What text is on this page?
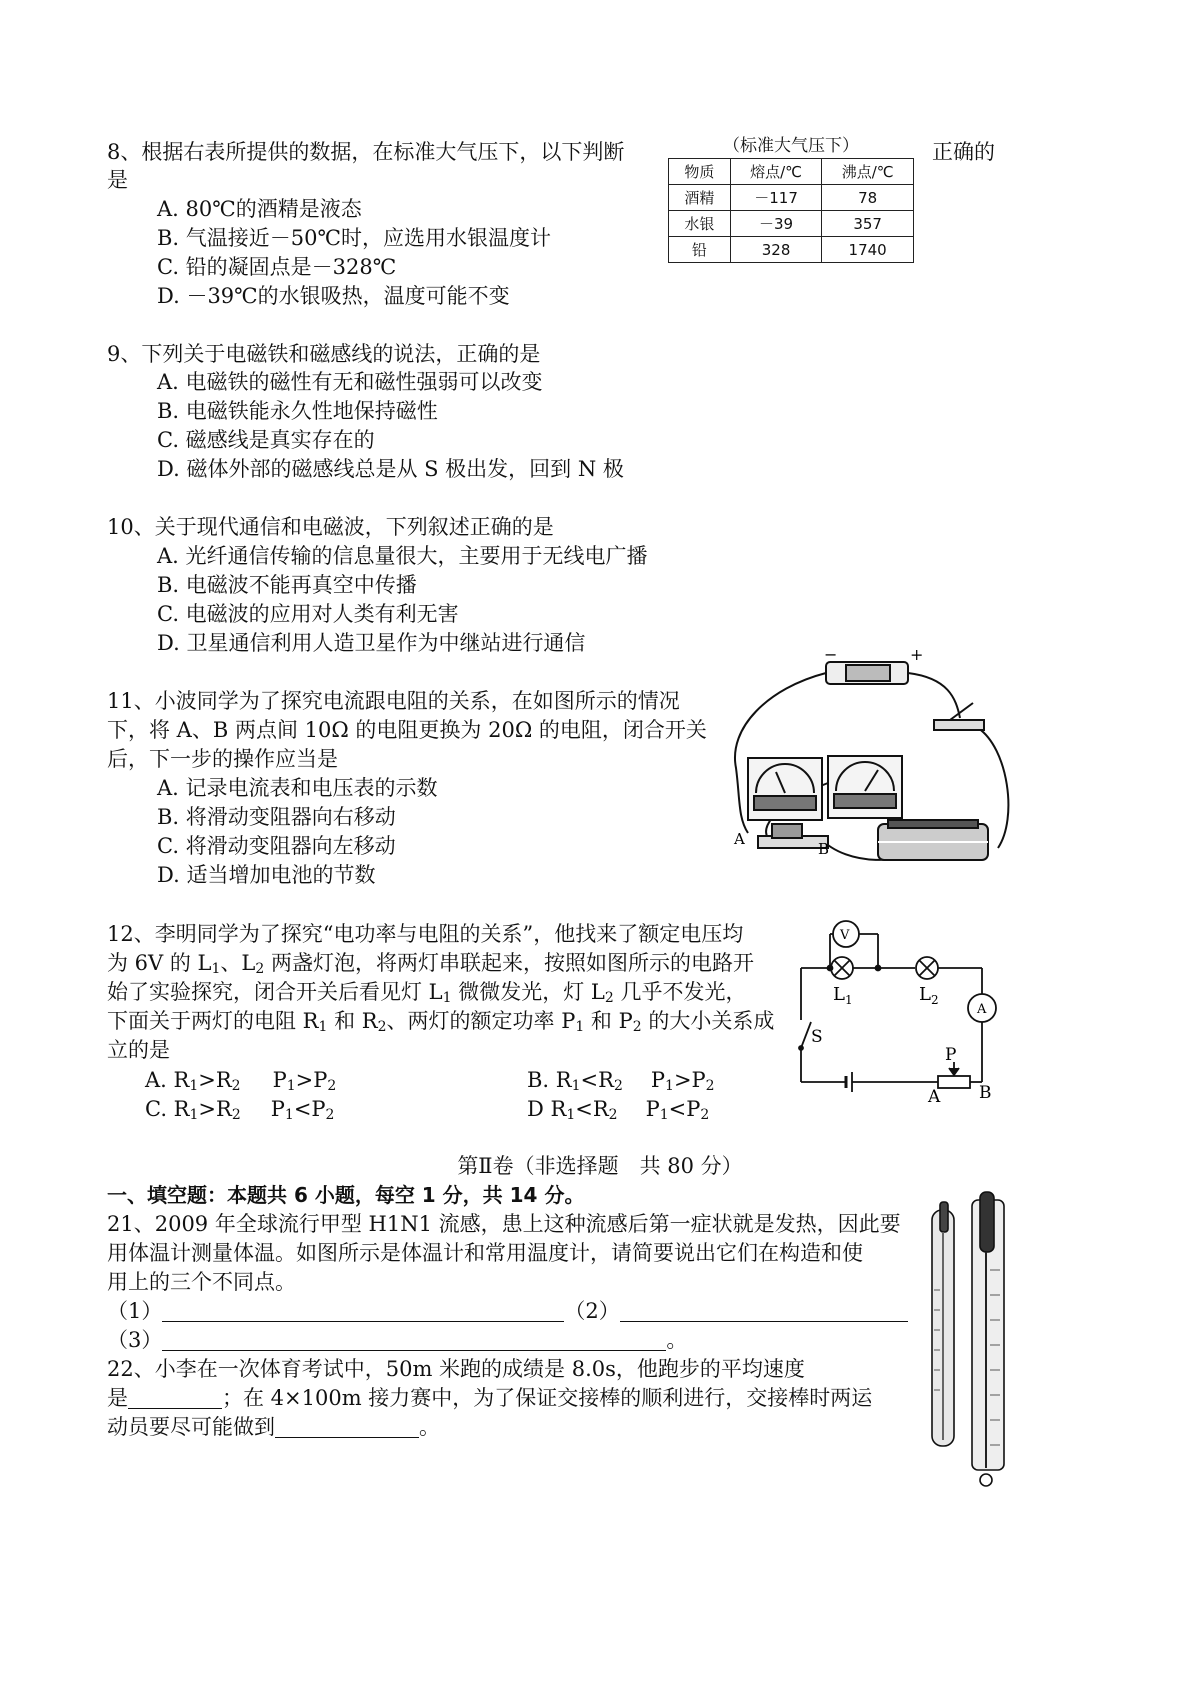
8、根据右表所提供的数据，在标准大气压下，以下判断	正确的
是
A. 80℃的酒精是液态
B. 气温接近－50℃时，应选用水银温度计
C. 铅的凝固点是－328℃
D. －39℃的水银吸热，温度可能不变
（标准大气压下）
物质	熔点/℃	沸点/℃
酒精	－117	78
水银	－39	357
铅	328	1740
9、下列关于电磁铁和磁感线的说法，正确的是
A. 电磁铁的磁性有无和磁性强弱可以改变
B. 电磁铁能永久性地保持磁性
C. 磁感线是真实存在的
D. 磁体外部的磁感线总是从 S 极出发，回到 N 极
10、关于现代通信和电磁波，下列叙述正确的是
A. 光纤通信传输的信息量很大，主要用于无线电广播
B. 电磁波不能再真空中传播
C. 电磁波的应用对人类有利无害
D. 卫星通信利用人造卫星作为中继站进行通信
11、小波同学为了探究电流跟电阻的关系，在如图所示的情况
下，将 A、B 两点间 10Ω 的电阻更换为 20Ω 的电阻，闭合开关
后，下一步的操作应当是
A. 记录电流表和电压表的示数
B. 将滑动变阻器向右移动
C. 将滑动变阻器向左移动
D. 适当增加电池的节数
−	+
A
B
12、李明同学为了探究“电功率与电阻的关系”，他找来了额定电压均
为 6V 的 $L_1$、$L_2$ 两盏灯泡，将两灯串联起来，按照如图所示的电路开
始了实验探究，闭合开关后看见灯 $L_1$ 微微发光，灯 $L_2$ 几乎不发光，
下面关于两灯的电阻 $R_1$ 和 $R_2$、两灯的额定功率 $P_1$ 和 $P_2$ 的大小关系成
立的是
A. $R_1>R_2$ $P_1>P_2$	B. $R_1<R_2$ $P_1>P_2$
C. $R_1>R_2$ $P_1<P_2$	D $R_1<R_2$ $P_1<P_2$
V
A
$L_1$	$L_2$
S
P
A B
第Ⅱ卷（非选择题　共 80 分）
一、填空题：本题共 6 小题，每空 1 分，共 14 分。
21、2009 年全球流行甲型 H1N1 流感，患上这种流感后第一症状就是发热，因此要
用体温计测量体温。如图所示是体温计和常用温度计，请简要说出它们在构造和使
用上的三个不同点。
（1）	（2）
（3）	。
22、小李在一次体育考试中，50m 米跑的成绩是 8.0s，他跑步的平均速度
是	；在 4×100m 接力赛中，为了保证交接棒的顺利进行，交接棒时两运
动员要尽可能做到	。
